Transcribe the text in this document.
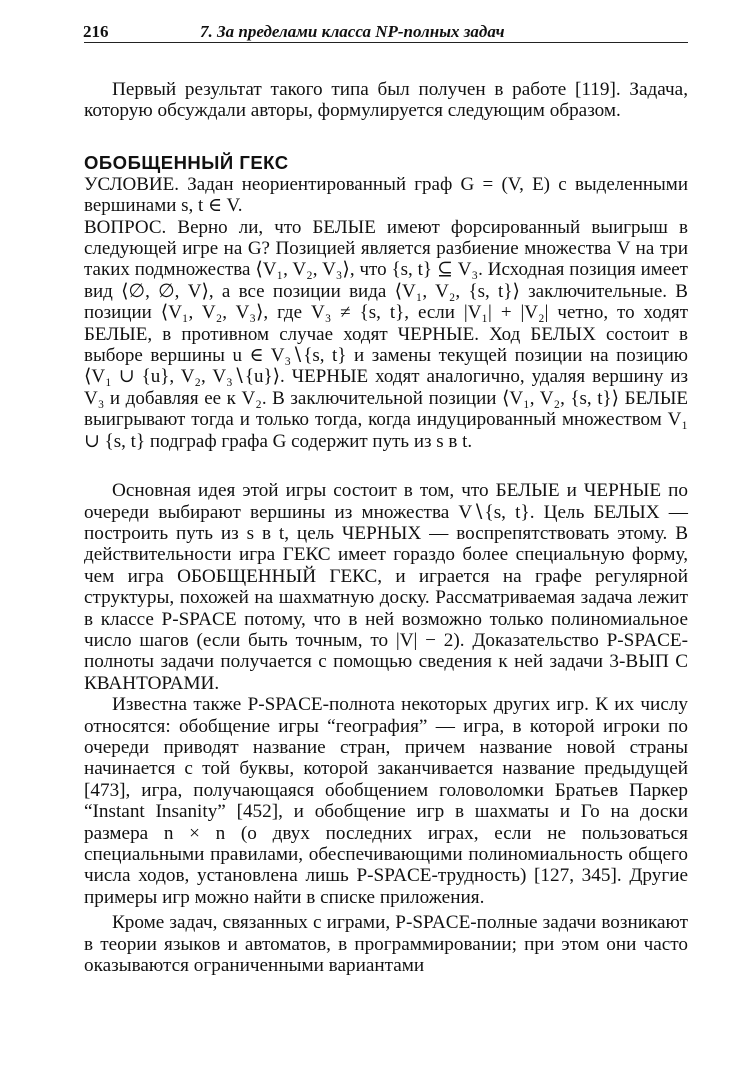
216	7. За пределами класса NP-полных задач

Первый результат такого типа был получен в работе [119]. Задача, которую обсуждали авторы, формулируется следующим образом.

ОБОБЩЕННЫЙ ГЕКС

УСЛОВИЕ. Задан неориентированный граф G = (V, E) с выделенными вершинами s, t ∈ V.

ВОПРОС. Верно ли, что БЕЛЫЕ имеют форсированный выигрыш в следующей игре на G? Позицией является разбиение множества V на три таких подмножества ⟨V₁, V₂, V₃⟩, что {s, t} ⊆ V₃. Исходная позиция имеет вид ⟨∅, ∅, V⟩, а все позиции вида ⟨V₁, V₂, {s, t}⟩ заключительные. В позиции ⟨V₁, V₂, V₃⟩, где V₃ ≠ {s, t}, если |V₁| + |V₂| четно, то ходят БЕЛЫЕ, в противном случае ходят ЧЕРНЫЕ. Ход БЕЛЫХ состоит в выборе вершины u ∈ V₃∖{s, t} и замены текущей позиции на позицию ⟨V₁ ∪ {u}, V₂, V₃∖{u}⟩. ЧЕРНЫЕ ходят аналогично, удаляя вершину из V₃ и добавляя ее к V₂. В заключительной позиции ⟨V₁, V₂, {s, t}⟩ БЕЛЫЕ выигрывают тогда и только тогда, когда индуцированный множеством V₁ ∪ {s, t} подграф графа G содержит путь из s в t.

Основная идея этой игры состоит в том, что БЕЛЫЕ и ЧЕРНЫЕ по очереди выбирают вершины из множества V∖{s, t}. Цель БЕЛЫХ — построить путь из s в t, цель ЧЕРНЫХ — воспрепятствовать этому. В действительности игра ГЕКС имеет гораздо более специальную форму, чем игра ОБОБЩЕННЫЙ ГЕКС, и играется на графе регулярной структуры, похожей на шахматную доску. Рассматриваемая задача лежит в классе P-SPACE потому, что в ней возможно только полиномиальное число шагов (если быть точным, то |V| − 2). Доказательство P-SPACE-полноты задачи получается с помощью сведения к ней задачи 3-ВЫП С КВАНТОРАМИ.

Известна также P-SPACE-полнота некоторых других игр. К их числу относятся: обобщение игры “география” — игра, в которой игроки по очереди приводят название стран, причем название новой страны начинается с той буквы, которой заканчивается название предыдущей [473], игра, получающаяся обобщением головоломки Братьев Паркер “Instant Insanity” [452], и обобщение игр в шахматы и Го на доски размера n × n (о двух последних играх, если не пользоваться специальными правилами, обеспечивающими полиномиальность общего числа ходов, установлена лишь P-SPACE-трудность) [127, 345]. Другие примеры игр можно найти в списке приложения.

Кроме задач, связанных с играми, P-SPACE-полные задачи возникают в теории языков и автоматов, в программировании; при этом они часто оказываются ограниченными вариантами
